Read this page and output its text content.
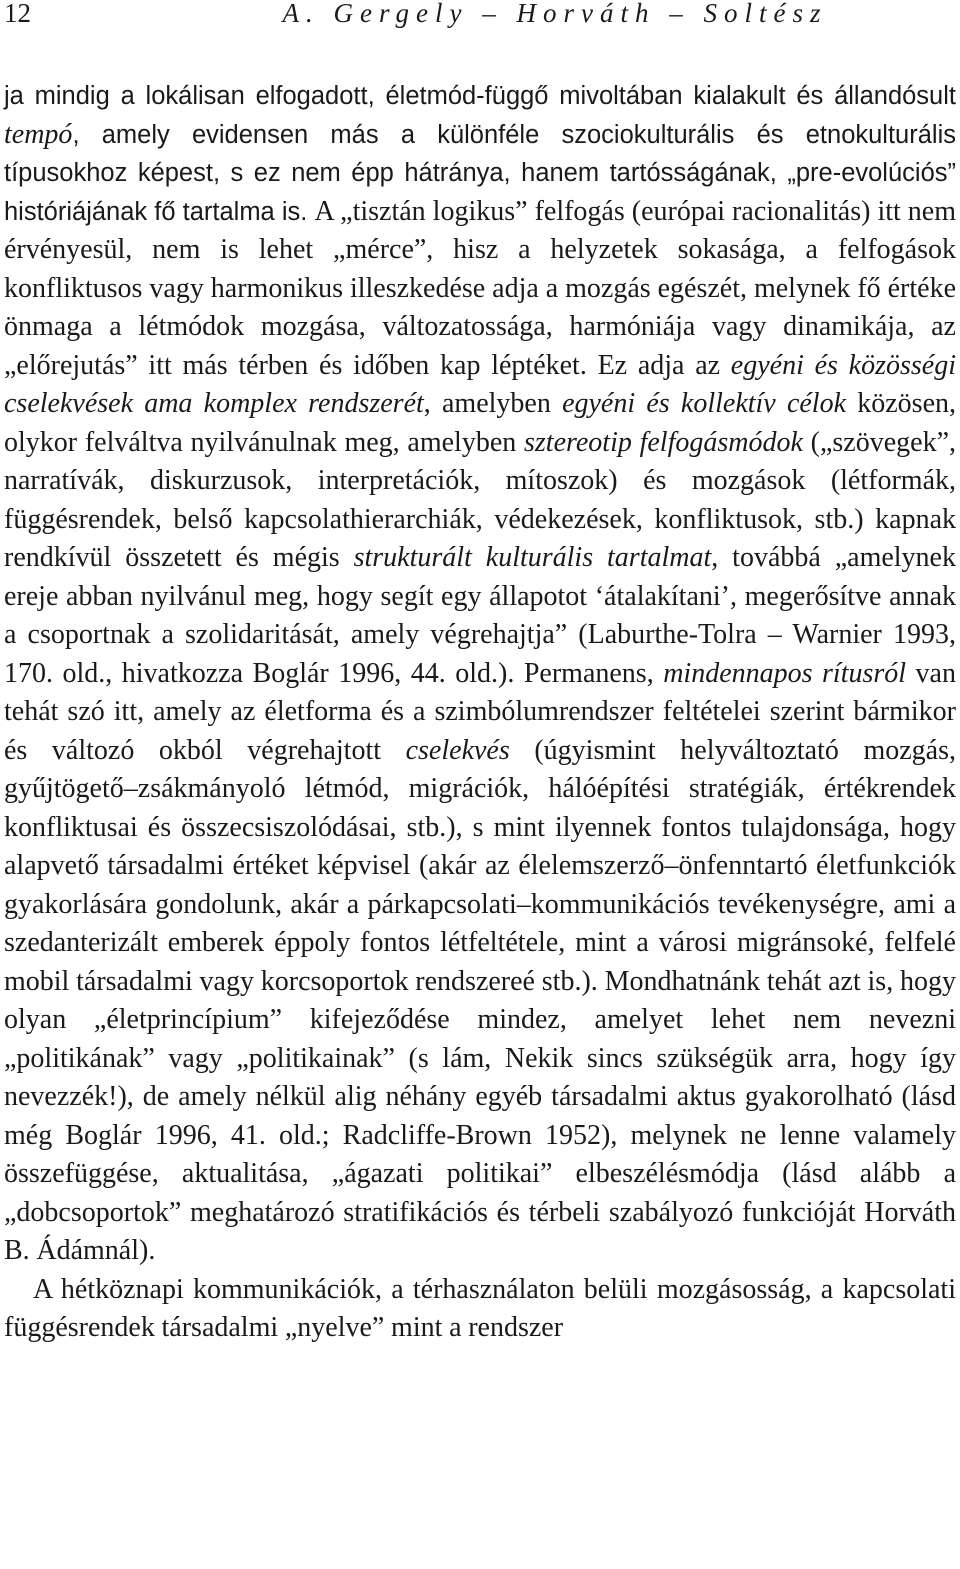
12	A. Gergely – Horváth – Soltész

ja mindig a lokálisan elfogadott, életmód-függő mivoltában kialakult és állandósult tempó, amely evidensen más a különféle szociokulturális és etnokulturális típusokhoz képest, s ez nem épp hátránya, hanem tartósságának, „pre-evolúciós” históriájának fő tartalma is. A „tisztán logikus” felfogás (európai racionalitás) itt nem érvényesül, nem is lehet „mérce”, hisz a helyzetek sokasága, a felfogások konfliktusos vagy harmonikus illeszkedése adja a mozgás egészét, melynek fő értéke önmaga a létmódok mozgása, változatossága, harmóniája vagy dinamikája, az „előrejutás” itt más térben és időben kap léptéket. Ez adja az egyéni és közösségi cselekvések ama komplex rendszerét, amelyben egyéni és kollektív célok közösen, olykor felváltva nyilvánulnak meg, amelyben sztereotip felfogásmódok („szövegek”, narratívák, diskurzusok, interpretációk, mítoszok) és mozgások (létformák, függésrendek, belső kapcsolathierarchiák, védekezések, konfliktusok, stb.) kapnak rendkívül összetett és mégis strukturált kulturális tartalmat, továbbá „amelynek ereje abban nyilvánul meg, hogy segít egy állapotot ‘átalakítani’, megerősítve annak a csoportnak a szolidaritását, amely végrehajtja” (Laburthe-Tolra – Warnier 1993, 170. old., hivatkozza Boglár 1996, 44. old.). Permanens, mindennapos rítusról van tehát szó itt, amely az életforma és a szimbólumrendszer feltételei szerint bármikor és változó okból végrehajtott cselekvés (úgyismint helyváltoztató mozgás, gyűjtögető–zsákmányoló létmód, migrációk, hálóépítési stratégiák, értékrendek konfliktusai és összecsiszolódásai, stb.), s mint ilyennek fontos tulajdonsága, hogy alapvető társadalmi értéket képvisel (akár az élelemszerző–önfenntartó életfunkciók gyakorlására gondolunk, akár a párkapcsolati–kommunikációs tevékenységre, ami a szedanterizált emberek éppoly fontos létfeltétele, mint a városi migránsoké, felfelé mobil társadalmi vagy korcsoportok rendszereé stb.). Mondhatnánk tehát azt is, hogy olyan „életprincípium” kifejeződése mindez, amelyet lehet nem nevezni „politikának” vagy „politikainak” (s lám, Nekik sincs szükségük arra, hogy így nevezzék!), de amely nélkül alig néhány egyéb társadalmi aktus gyakorolható (lásd még Boglár 1996, 41. old.; Radcliffe-Brown 1952), melynek ne lenne valamely összefüggése, aktualitása, „ágazati politikai” elbeszélésmódja (lásd alább a „dobcsoportok” meghatározó stratifikációs és térbeli szabályozó funkcióját Horváth B. Ádámnál).

A hétköznapi kommunikációk, a térhasználaton belüli mozgásosság, a kapcsolati függésrendek társadalmi „nyelve” mint a rendszer
